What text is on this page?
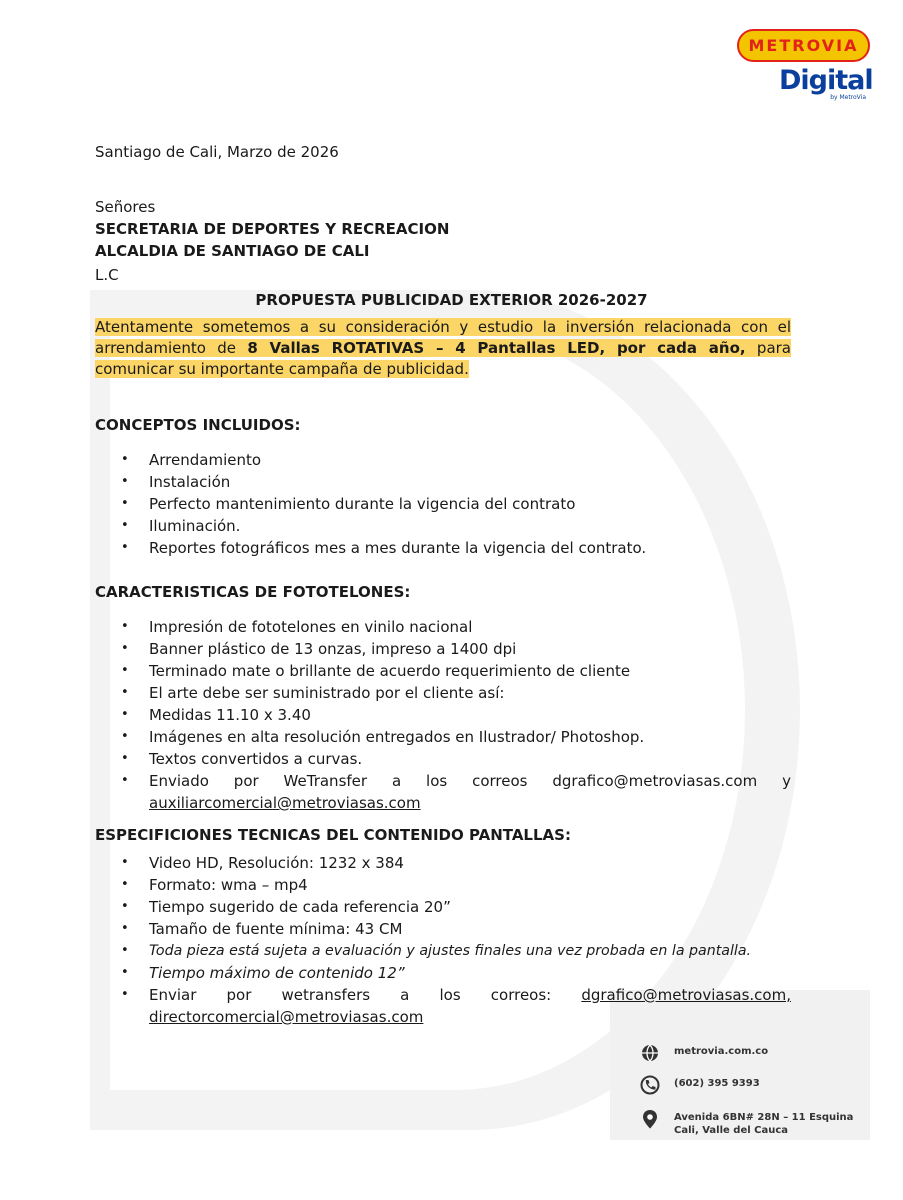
METROVIA
Digital
by MetroVia
Santiago de Cali, Marzo de 2026
Señores
SECRETARIA DE DEPORTES Y RECREACION
ALCALDIA DE SANTIAGO DE CALI
L.C
PROPUESTA PUBLICIDAD EXTERIOR 2026-2027
Atentamente sometemos a su consideración y estudio la inversión relacionada con el arrendamiento de 8 Vallas ROTATIVAS – 4 Pantallas LED, por cada año, para comunicar su importante campaña de publicidad.
CONCEPTOS INCLUIDOS:
• Arrendamiento
• Instalación
• Perfecto mantenimiento durante la vigencia del contrato
• Iluminación.
• Reportes fotográficos mes a mes durante la vigencia del contrato.
CARACTERISTICAS DE FOTOTELONES:
• Impresión de fototelones en vinilo nacional
• Banner plástico de 13 onzas, impreso a 1400 dpi
• Terminado mate o brillante de acuerdo requerimiento de cliente
• El arte debe ser suministrado por el cliente así:
• Medidas 11.10 x 3.40
• Imágenes en alta resolución entregados en Ilustrador/ Photoshop.
• Textos convertidos a curvas.
• Enviado por WeTransfer a los correos dgrafico@metroviasas.com y auxiliarcomercial@metroviasas.com
ESPECIFICIONES TECNICAS DEL CONTENIDO PANTALLAS:
• Video HD, Resolución: 1232 x 384
• Formato: wma – mp4
• Tiempo sugerido de cada referencia 20”
• Tamaño de fuente mínima: 43 CM
• Toda pieza está sujeta a evaluación y ajustes finales una vez probada en la pantalla.
• Tiempo máximo de contenido 12”
• Enviar por wetransfers a los correos: dgrafico@metroviasas.com, directorcomercial@metroviasas.com
metrovia.com.co
(602) 395 9393
Avenida 6BN# 28N – 11 Esquina
Cali, Valle del Cauca
